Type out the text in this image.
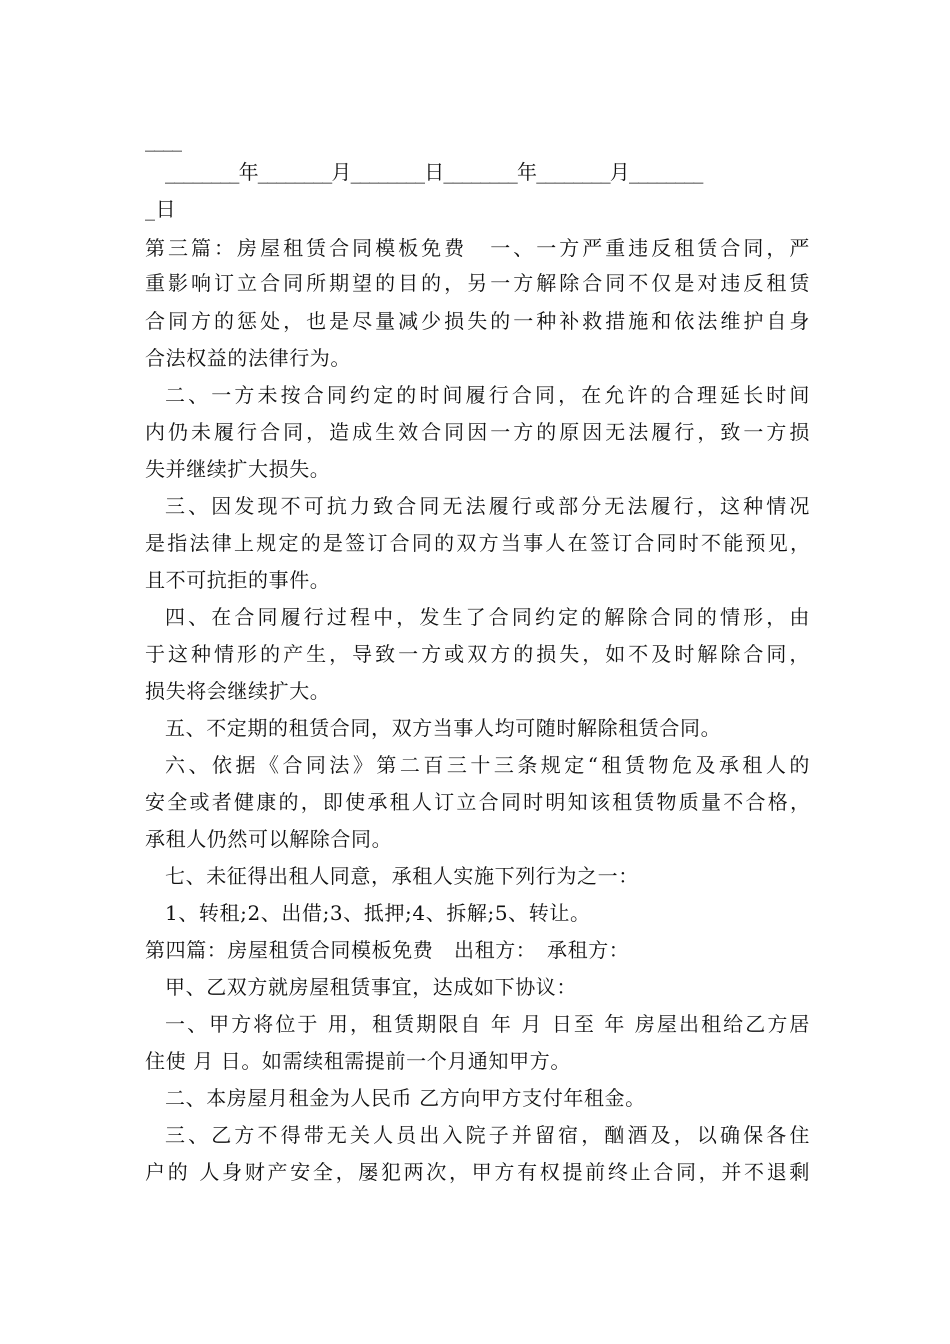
____
________年________月________日________年________月________
_日
第三篇：房屋租赁合同模板免费　一、一方严重违反租赁合同，严
重影响订立合同所期望的目的，另一方解除合同不仅是对违反租赁
合同方的惩处，也是尽量减少损失的一种补救措施和依法维护自身
合法权益的法律行为。
二、一方未按合同约定的时间履行合同，在允许的合理延长时间
内仍未履行合同，造成生效合同因一方的原因无法履行，致一方损
失并继续扩大损失。
三、因发现不可抗力致合同无法履行或部分无法履行，这种情况
是指法律上规定的是签订合同的双方当事人在签订合同时不能预见，
且不可抗拒的事件。
四、在合同履行过程中，发生了合同约定的解除合同的情形，由
于这种情形的产生，导致一方或双方的损失，如不及时解除合同，
损失将会继续扩大。
五、不定期的租赁合同，双方当事人均可随时解除租赁合同。
六、依据《合同法》第二百三十三条规定“租赁物危及承租人的
安全或者健康的，即使承租人订立合同时明知该租赁物质量不合格，
承租人仍然可以解除合同。
七、未征得出租人同意，承租人实施下列行为之一：
1、转租;2、出借;3、抵押;4、拆解;5、转让。
第四篇：房屋租赁合同模板免费　出租方：　承租方：
甲、乙双方就房屋租赁事宜，达成如下协议：
一、甲方将位于 用，租赁期限自 年 月 日至 年 房屋出租给乙方居
住使 月 日。如需续租需提前一个月通知甲方。
二、本房屋月租金为人民币 乙方向甲方支付年租金。
三、乙方不得带无关人员出入院子并留宿，酗酒及，以确保各住
户的 人身财产安全，屡犯两次，甲方有权提前终止合同，并不退剩
